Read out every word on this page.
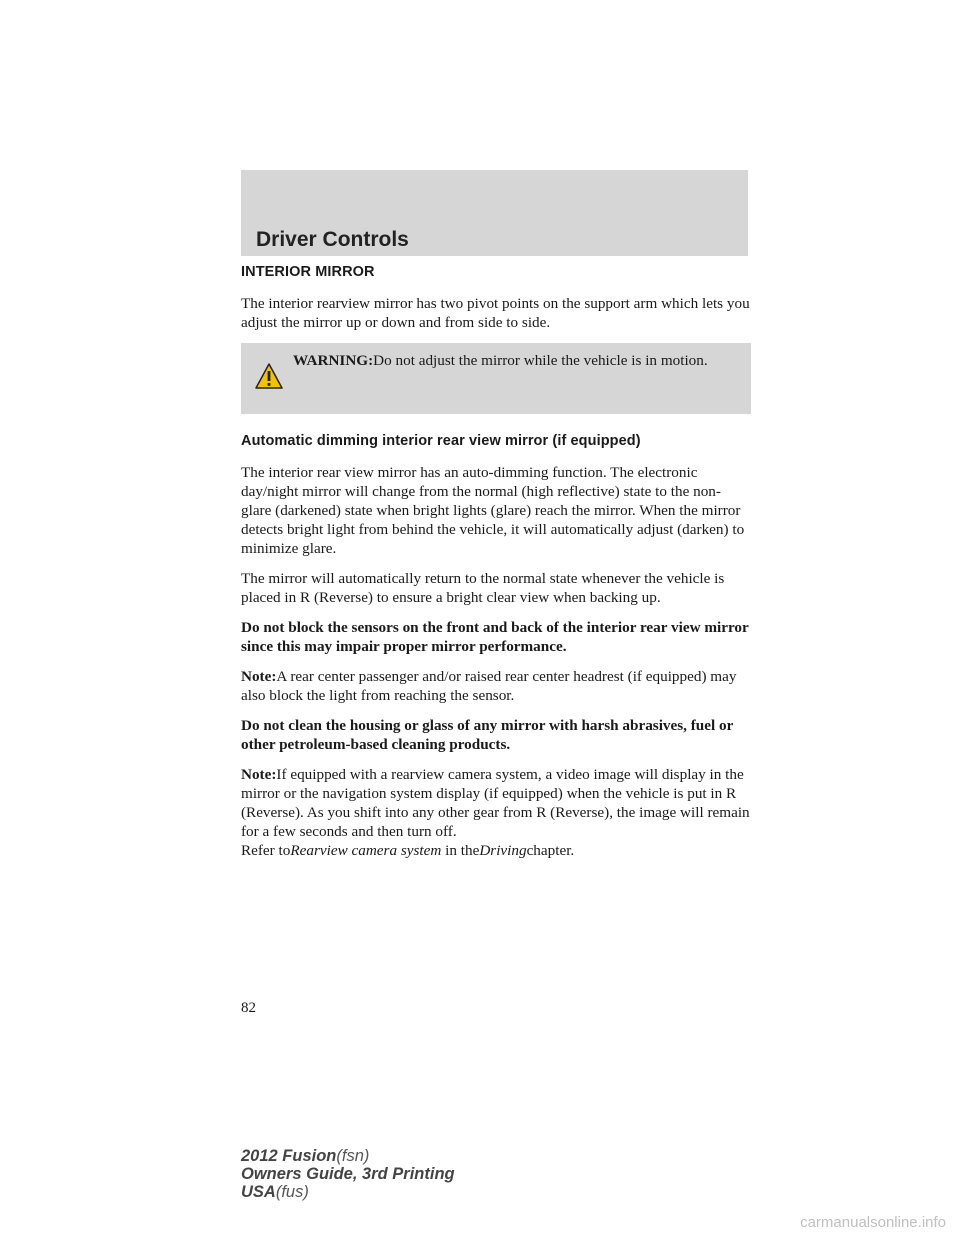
Driver Controls
INTERIOR MIRROR

The interior rearview mirror has two pivot points on the support arm which lets you adjust the mirror up or down and from side to side.

WARNING:Do not adjust the mirror while the vehicle is in motion.
Automatic dimming interior rear view mirror (if equipped)

The interior rear view mirror has an auto-dimming function. The electronic day/night mirror will change from the normal (high reflective) state to the non-glare (darkened) state when bright lights (glare) reach the mirror. When the mirror detects bright light from behind the vehicle, it will automatically adjust (darken) to minimize glare.

The mirror will automatically return to the normal state whenever the vehicle is placed in R (Reverse) to ensure a bright clear view when backing up.

Do not block the sensors on the front and back of the interior rear view mirror since this may impair proper mirror performance.

Note:A rear center passenger and/or raised rear center headrest (if equipped) may also block the light from reaching the sensor.

Do not clean the housing or glass of any mirror with harsh abrasives, fuel or other petroleum-based cleaning products.

Note:If equipped with a rearview camera system, a video image will display in the mirror or the navigation system display (if equipped) when the vehicle is put in R (Reverse). As you shift into any other gear from R (Reverse), the image will remain for a few seconds and then turn off.
Refer toRearview camera system in theDrivingchapter.

82
2012 Fusion(fsn)
Owners Guide, 3rd Printing
USA(fus)
carmanualsonline.info
